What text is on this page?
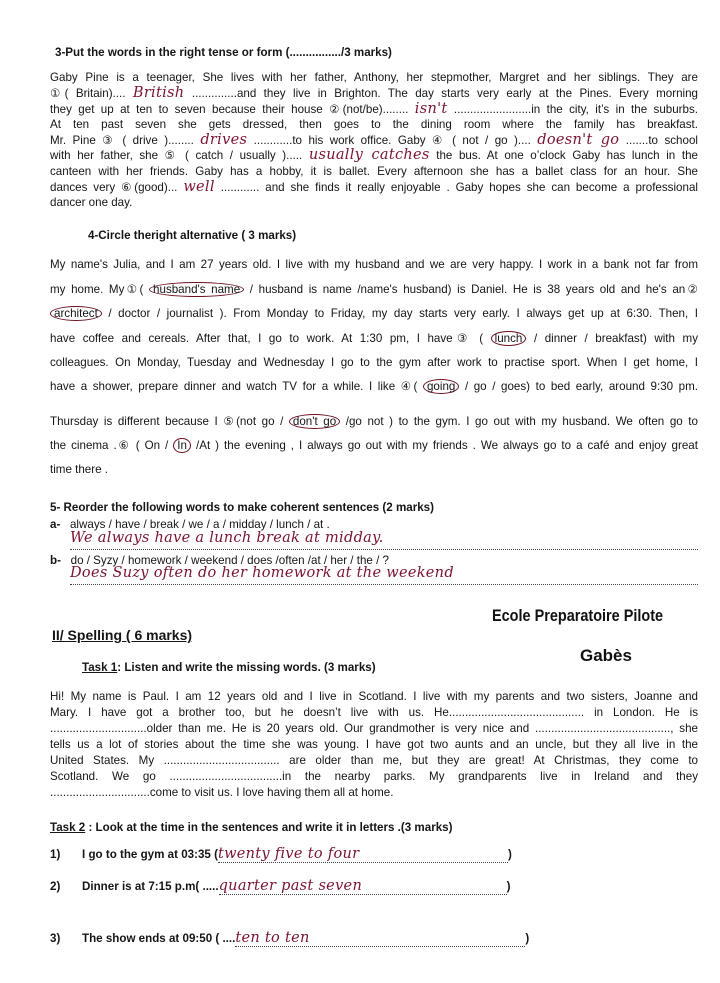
3-Put the words in the right tense or form (................/3 marks)
Gaby Pine is a teenager, She lives with her father, Anthony, her stepmother, Margret and her siblings. They are
①( Britain).... British ..............and they live in Brighton. The day starts very early at the Pines. Every morning
they get up at ten to seven because their house ②(not/be)........ isn't ........................in the city, it’s in the suburbs.
At ten past seven she gets dressed, then goes to the dining room where the family has breakfast.
Mr. Pine ③ ( drive )........ drives ............to his work office. Gaby ④ ( not / go ).... doesn't go .......to school
with her father, she ⑤ ( catch / usually )..... usually catches the bus. At one o’clock Gaby has lunch in the
canteen with her friends. Gaby has a hobby, it is ballet. Every afternoon she has a ballet class for an hour. She
dances very ⑥(good)... well ............ and she finds it really enjoyable . Gaby hopes she can become a professional
dancer one day.
4-Circle theright alternative ( 3 marks)
My name's Julia, and I am 27 years old. I live with my husband and we are very happy. I work in a bank not far from
my home. My①( husband's name / husband is name /name's husband) is Daniel. He is 38 years old and he's an②
architect / doctor / journalist ). From Monday to Friday, my day starts very early. I always get up at 6:30. Then, I
have coffee and cereals. After that, I go to work. At 1:30 pm, I have③ ( lunch / dinner / breakfast) with my
colleagues. On Monday, Tuesday and Wednesday I go to the gym after work to practise sport. When I get home, I
have a shower, prepare dinner and watch TV for a while. I like ④( going / go / goes) to bed early, around 9:30 pm.
Thursday is different because I ⑤(not go / don't go /go not ) to the gym. I go out with my husband. We often go to
the cinema .⑥ ( On / In /At ) the evening , I always go out with my friends . We always go to a café and enjoy great
time there .
5- Reorder the following words to make coherent sentences (2 marks)
a- always / have / break / we / a / midday / lunch / at .
We always have a lunch break at midday.
b- do / Syzy / homework / weekend / does /often /at / her / the / ?
Does Suzy often do her homework at the weekend
II/ Spelling ( 6 marks)
Ecole Preparatoire Pilote
Gabès
Task 1: Listen and write the missing words. (3 marks)
Hi! My name is Paul. I am 12 years old and I live in Scotland. I live with my parents and two sisters, Joanne and
Mary. I have got a brother too, but he doesn’t live with us. He.......................................... in London. He is
..............................older than me. He is 20 years old. Our grandmother is very nice and .........................................., she
tells us a lot of stories about the time she was young. I have got two aunts and an uncle, but they all live in the
United States. My .................................... are older than me, but they are great! At Christmas, they come to
Scotland. We go ...................................in the nearby parks. My grandparents live in Ireland and they
...............................come to visit us. I love having them all at home.
Task 2 : Look at the time in the sentences and write it in letters .(3 marks)
1) I go to the gym at 03:35 (twenty five to four	)
2) Dinner is at 7:15 p.m( .....quarter past seven	)
3) The show ends at 09:50 ( ....ten to ten	)
